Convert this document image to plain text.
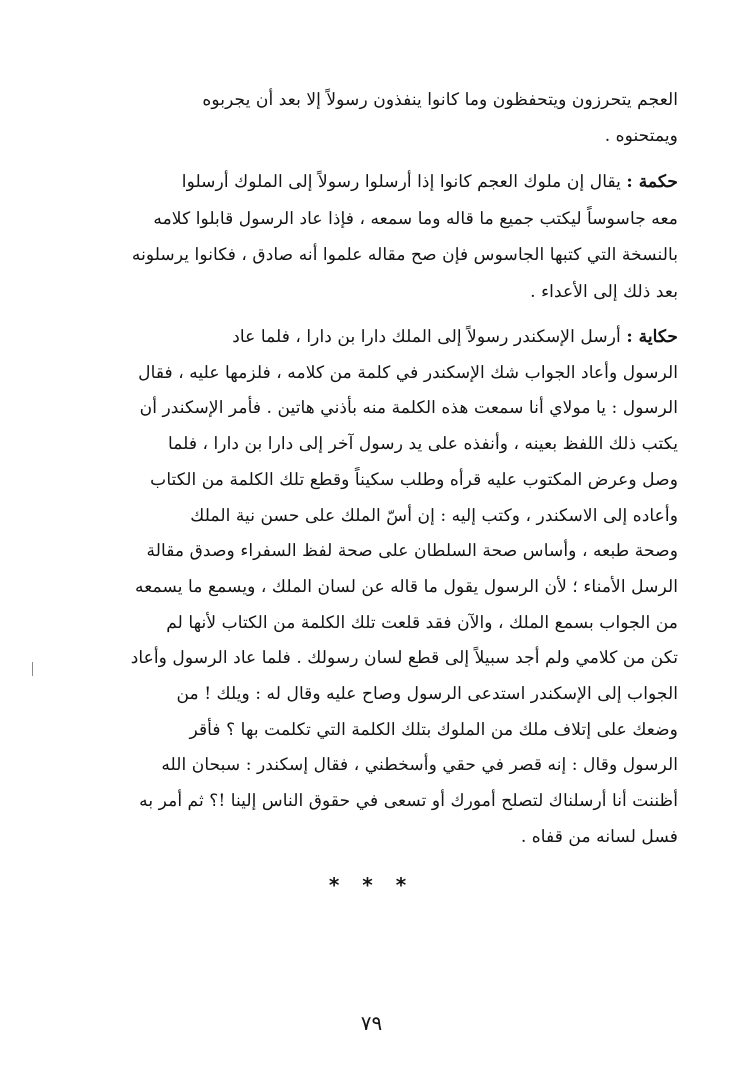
العجم يتحرزون ويتحفظون وما كانوا ينفذون رسولاً إلا بعد أن يجربوه
ويمتحنوه .
حكمة : يقال إن ملوك العجم كانوا إذا أرسلوا رسولاً إلى الملوك أرسلوا
معه جاسوساً ليكتب جميع ما قاله وما سمعه ، فإذا عاد الرسول قابلوا كلامه
بالنسخة التي كتبها الجاسوس فإن صح مقاله علموا أنه صادق ، فكانوا يرسلونه
بعد ذلك إلى الأعداء .
حكاية : أرسل الإسكندر رسولاً إلى الملك دارا بن دارا ، فلما عاد
الرسول وأعاد الجواب شك الإسكندر في كلمة من كلامه ، فلزمها عليه ، فقال
الرسول : يا مولاي أنا سمعت هذه الكلمة منه بأذني هاتين . فأمر الإسكندر أن
يكتب ذلك اللفظ بعينه ، وأنفذه على يد رسول آخر إلى دارا بن دارا ، فلما
وصل وعرض المكتوب عليه قرأه وطلب سكيناً وقطع تلك الكلمة من الكتاب
وأعاده إلى الاسكندر ، وكتب إليه : إن أسّ الملك على حسن نية الملك
وصحة طبعه ، وأساس صحة السلطان على صحة لفظ السفراء وصدق مقالة
الرسل الأمناء ؛ لأن الرسول يقول ما قاله عن لسان الملك ، ويسمع ما يسمعه
من الجواب بسمع الملك ، والآن فقد قلعت تلك الكلمة من الكتاب لأنها لم
تكن من كلامي ولم أجد سبيلاً إلى قطع لسان رسولك . فلما عاد الرسول وأعاد
الجواب إلى الإسكندر استدعى الرسول وصاح عليه وقال له : ويلك ! من
وضعك على إتلاف ملك من الملوك بتلك الكلمة التي تكلمت بها ؟ فأقر
الرسول وقال : إنه قصر في حقي وأسخطني ، فقال إسكندر : سبحان الله
أظننت أنا أرسلناك لتصلح أمورك أو تسعى في حقوق الناس إلينا !؟ ثم أمر به
فسل لسانه من قفاه .
* * *
٧٩
